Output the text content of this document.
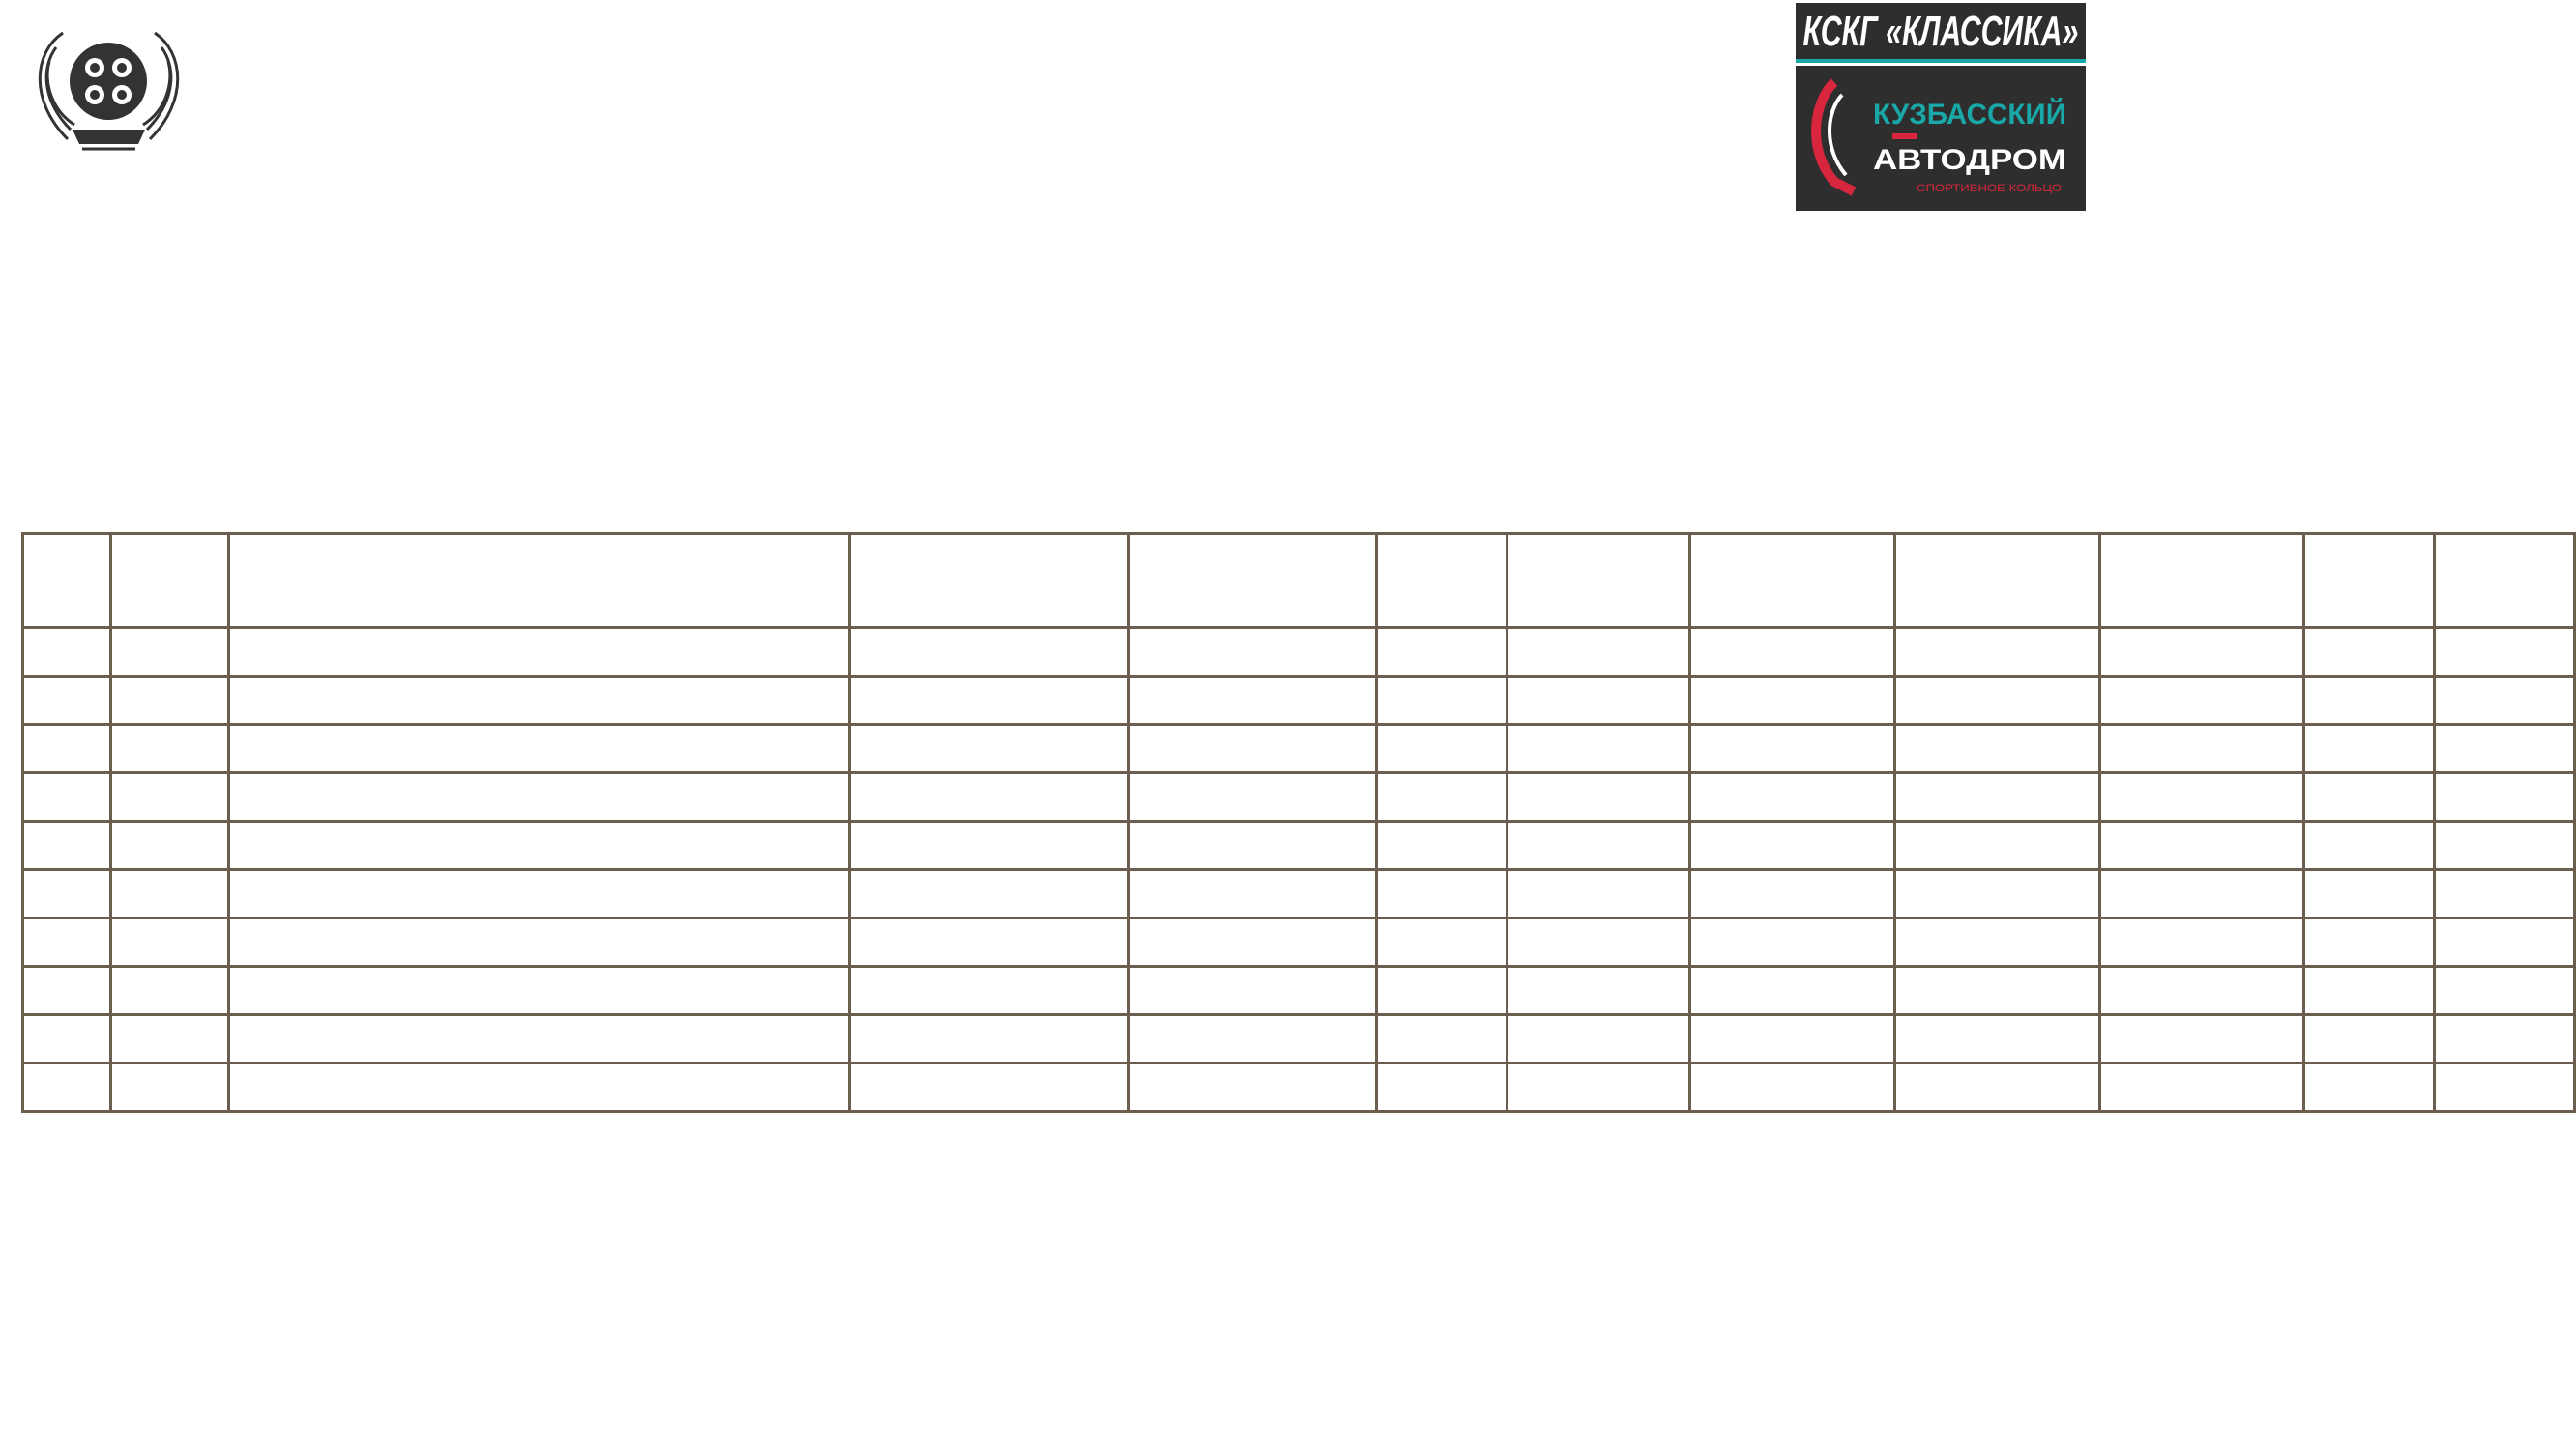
КСКГ «КЛАССИКА»
КУЗБАССКИЙ
АВТОДРОМ
СПОРТИВНОЕ КОЛЬЦО
